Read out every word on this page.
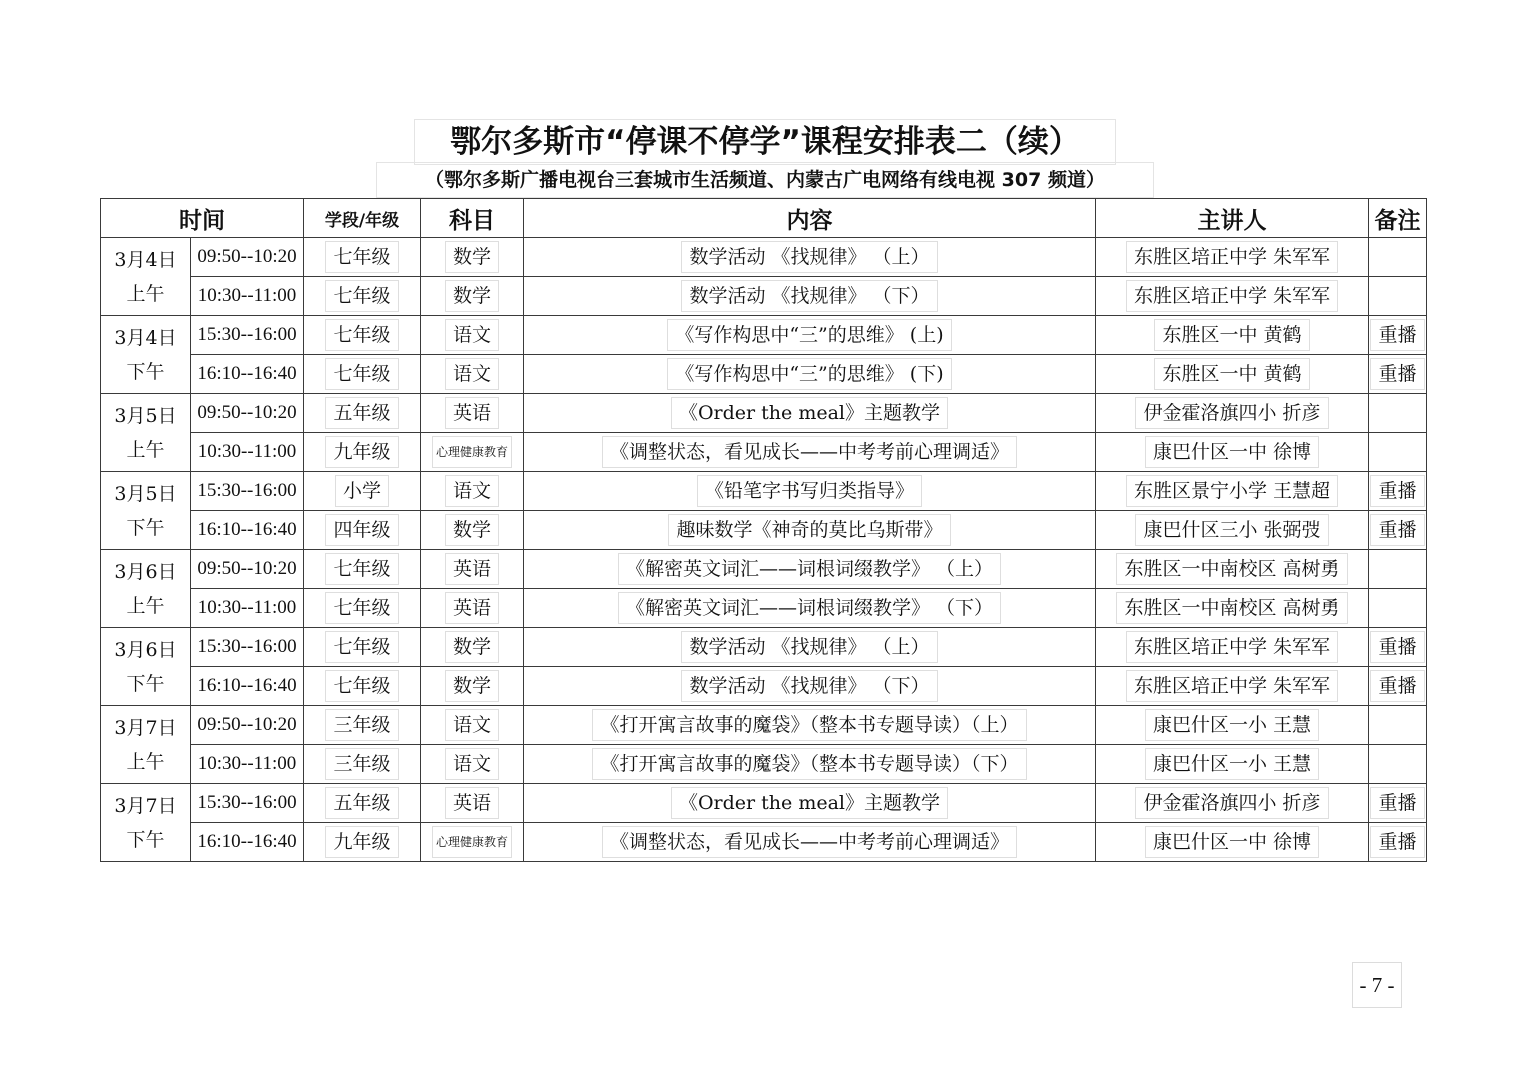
鄂尔多斯市“停课不停学”课程安排表二（续）
（鄂尔多斯广播电视台三套城市生活频道、内蒙古广电网络有线电视 307 频道）
时间		学段/年级	科目	内容	主讲人	备注

3月4日
上午	09:50--10:20	七年级	数学	数学活动 《找规律》 （上）	东胜区培正中学 朱军军	
	10:30--11:00	七年级	数学	数学活动 《找规律》 （下）	东胜区培正中学 朱军军	

3月4日
下午	15:30--16:00	七年级	语文	《写作构思中“三”的思维》 (上)	东胜区一中 黄鹤	重播
	16:10--16:40	七年级	语文	《写作构思中“三”的思维》 (下)	东胜区一中 黄鹤	重播

3月5日
上午	09:50--10:20	五年级	英语	《Order the meal》主题教学	伊金霍洛旗四小 折彦	
	10:30--11:00	九年级	心理健康教育	《调整状态，看见成长——中考考前心理调适》	康巴什区一中 徐博	

3月5日
下午	15:30--16:00	小学	语文	《铅笔字书写归类指导》	东胜区景宁小学 王慧超	重播
	16:10--16:40	四年级	数学	趣味数学《神奇的莫比乌斯带》	康巴什区三小 张弼弢	重播

3月6日
上午	09:50--10:20	七年级	英语	《解密英文词汇——词根词缀教学》 （上）	东胜区一中南校区 高树勇	
	10:30--11:00	七年级	英语	《解密英文词汇——词根词缀教学》 （下）	东胜区一中南校区 高树勇	

3月6日
下午	15:30--16:00	七年级	数学	数学活动 《找规律》 （上）	东胜区培正中学 朱军军	重播
	16:10--16:40	七年级	数学	数学活动 《找规律》 （下）	东胜区培正中学 朱军军	重播

3月7日
上午	09:50--10:20	三年级	语文	《打开寓言故事的魔袋》（整本书专题导读）（上）	康巴什区一小 王慧	
	10:30--11:00	三年级	语文	《打开寓言故事的魔袋》（整本书专题导读）（下）	康巴什区一小 王慧	

3月7日
下午	15:30--16:00	五年级	英语	《Order the meal》主题教学	伊金霍洛旗四小 折彦	重播
	16:10--16:40	九年级	心理健康教育	《调整状态，看见成长——中考考前心理调适》	康巴什区一中 徐博	重播
- 7 -
